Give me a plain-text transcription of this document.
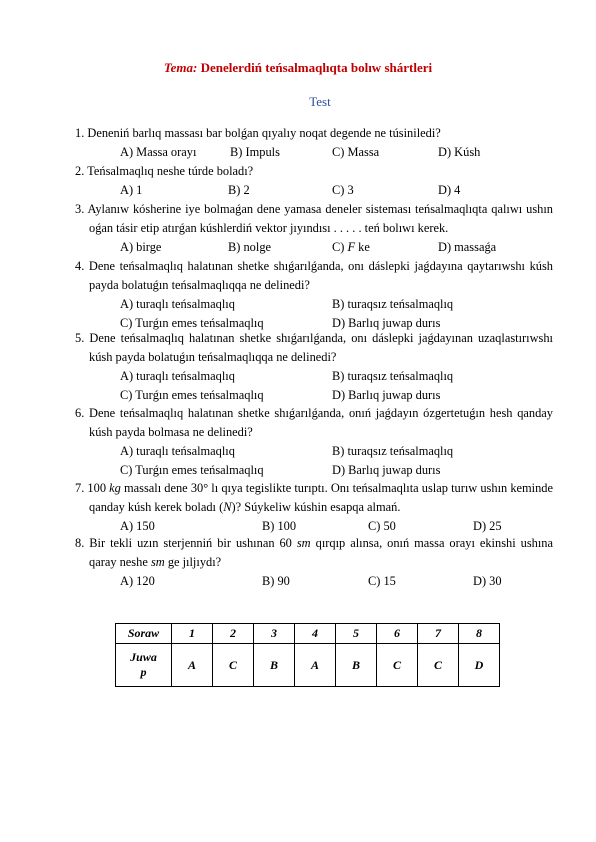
Tema: Denelerdiń teńsalmaqlıqta bolıw shártleri
Test
1. Deneniń barlıq massası bar bolǵan qıyalıy noqat degende ne túsiniledi?
A) Massa orayı	B) Impuls	C) Massa	D) Kúsh
2. Teńsalmaqlıq neshe túrde boladı?
A) 1	B) 2	C) 3	D) 4
3. Aylanıw kósherine iye bolmaǵan dene yamasa deneler sisteması teńsalmaqlıqta qalıwı ushın oǵan tásir etip atırǵan kúshlerdiń vektor jıyındısı . . . . . teń bolıwı kerek.
A) birge	B) nolge	C) F ke	D) massaǵa
4. Dene teńsalmaqlıq halatınan shetke shıǵarılǵanda, onı dáslepki jaǵdayına qaytarıwshı kúsh payda bolatuǵın teńsalmaqlıqqa ne delinedi?
A) turaqlı teńsalmaqlıq	B) turaqsız teńsalmaqlıq
C) Turǵın emes teńsalmaqlıq	D) Barlıq juwap durıs
5. Dene teńsalmaqlıq halatınan shetke shıǵarılǵanda, onı dáslepki jaǵdayınan uzaqlastırıwshı kúsh payda bolatuǵın teńsalmaqlıqqa ne delinedi?
A) turaqlı teńsalmaqlıq	B) turaqsız teńsalmaqlıq
C) Turǵın emes teńsalmaqlıq	D) Barlıq juwap durıs
6. Dene teńsalmaqlıq halatınan shetke shıǵarılǵanda, onıń jaǵdayın ózgertetuǵın hesh qanday kúsh payda bolmasa ne delinedi?
A) turaqlı teńsalmaqlıq	B) turaqsız teńsalmaqlıq
C) Turǵın emes teńsalmaqlıq	D) Barlıq juwap durıs
7. 100 kg massalı dene 30° lı qıya tegislikte turıptı. Onı teńsalmaqlıta uslap turıw ushın keminde qanday kúsh kerek boladı (N)? Súykeliw kúshin esapqa almań.
A) 150	B) 100	C) 50	D) 25
8. Bir tekli uzın sterjenniń bir ushınan 60 sm qırqıp alınsa, onıń massa orayı ekinshi ushına qaray neshe sm ge jıljıydı?
A) 120	B) 90	C) 15	D) 30
Soraw	1	2	3	4	5	6	7	8
Juwa
p	A	C	B	A	B	C	C	D
